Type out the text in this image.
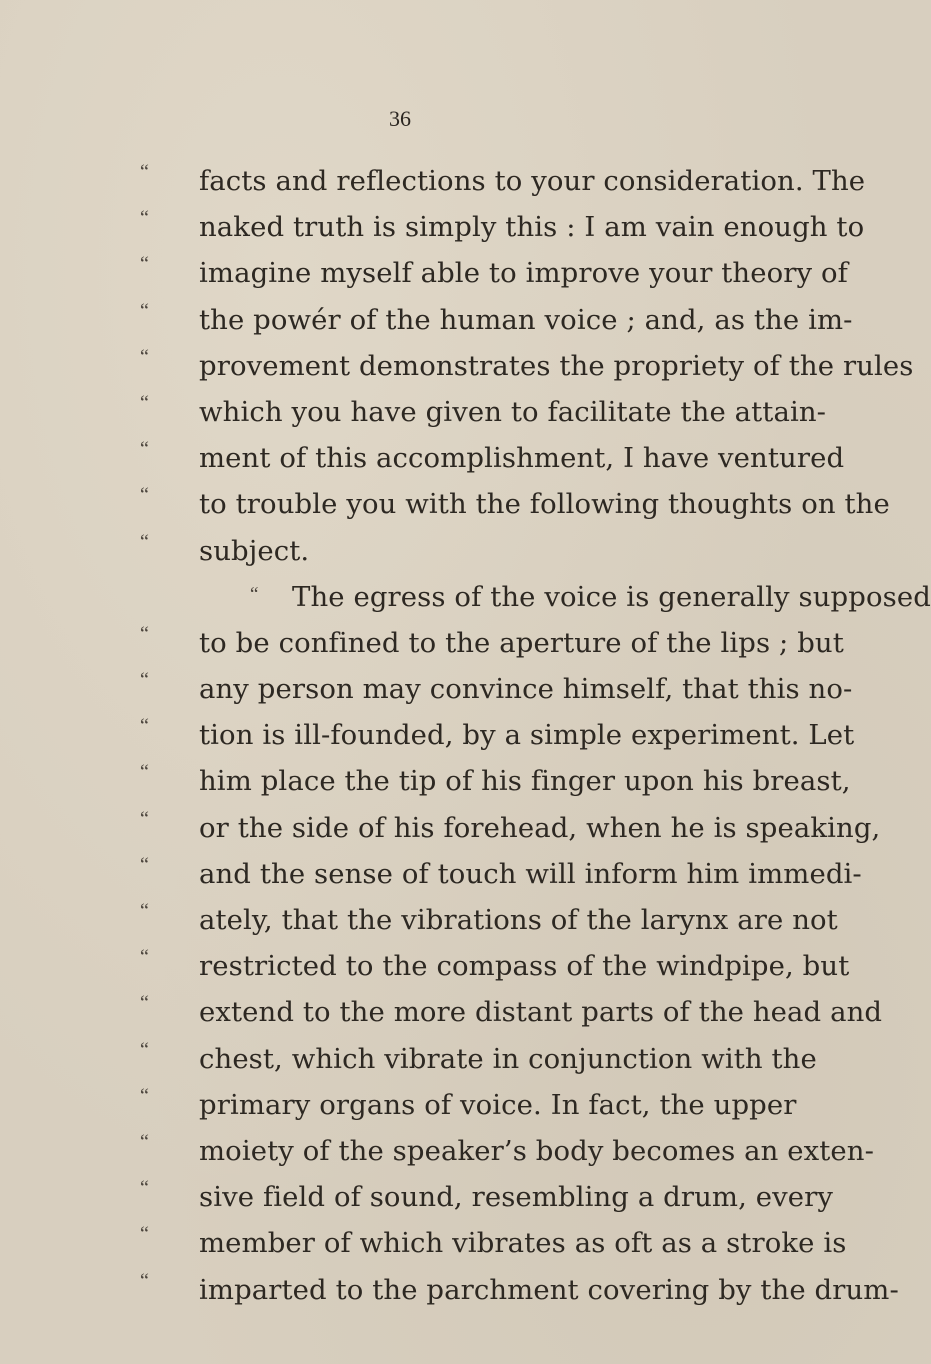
36
“ facts and reflections to your consideration. The
“ naked truth is simply this : I am vain enough to
“ imagine myself able to improve your theory of
“ the powér of the human voice ; and, as the im-
“ provement demonstrates the propriety of the rules
“ which you have given to facilitate the attain-
“ ment of this accomplishment, I have ventured
“ to trouble you with the following thoughts on the
“ subject.
“ The egress of the voice is generally supposed
“ to be confined to the aperture of the lips ; but
“ any person may convince himself, that this no-
“ tion is ill-founded, by a simple experiment. Let
“ him place the tip of his finger upon his breast,
“ or the side of his forehead, when he is speaking,
“ and the sense of touch will inform him immedi-
“ ately, that the vibrations of the larynx are not
“ restricted to the compass of the windpipe, but
“ extend to the more distant parts of the head and
“ chest, which vibrate in conjunction with the
“ primary organs of voice. In fact, the upper
“ moiety of the speaker’s body becomes an exten-
“ sive field of sound, resembling a drum, every
“ member of which vibrates as oft as a stroke is
“ imparted to the parchment covering by the drum-
